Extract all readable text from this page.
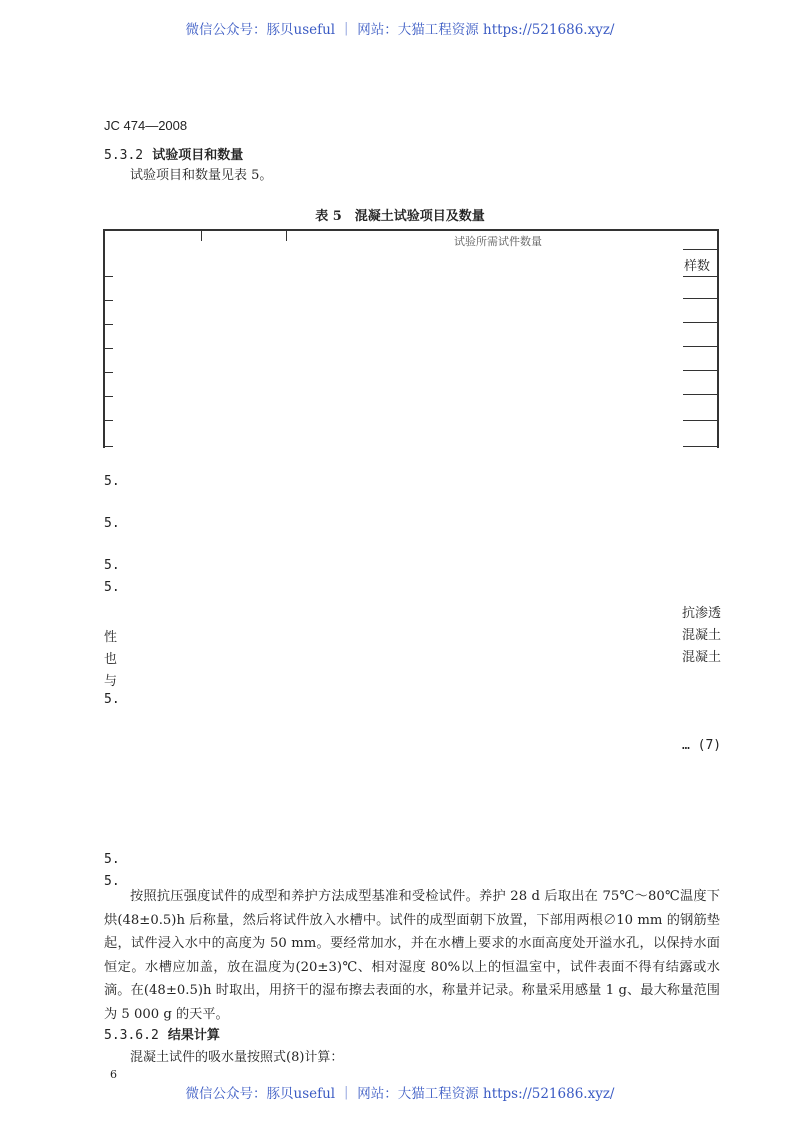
微信公众号：豚贝useful ｜ 网站：大猫工程资源 https://521686.xyz/
JC 474—2008
5.3.2 试验项目和数量
试验项目和数量见表 5。
表 5　混凝土试验项目及数量
试验所需试件数量
样数
5.
5.
5.
5.
抗渗透
性	混凝土
也	混凝土
与
5.
… (7)
5.
5.
按照抗压强度试件的成型和养护方法成型基准和受检试件。养护 28 d 后取出在 75℃～80℃温度下烘(48±0.5)h 后称量，然后将试件放入水槽中。试件的成型面朝下放置，下部用两根∅10 mm 的钢筋垫起，试件浸入水中的高度为 50 mm。要经常加水，并在水槽上要求的水面高度处开溢水孔，以保持水面恒定。水槽应加盖，放在温度为(20±3)℃、相对湿度 80%以上的恒温室中，试件表面不得有结露或水滴。在(48±0.5)h 时取出，用挤干的湿布擦去表面的水，称量并记录。称量采用感量 1 g、最大称量范围为 5 000 g 的天平。
5.3.6.2 结果计算
混凝土试件的吸水量按照式(8)计算：
6
微信公众号：豚贝useful ｜ 网站：大猫工程资源 https://521686.xyz/
